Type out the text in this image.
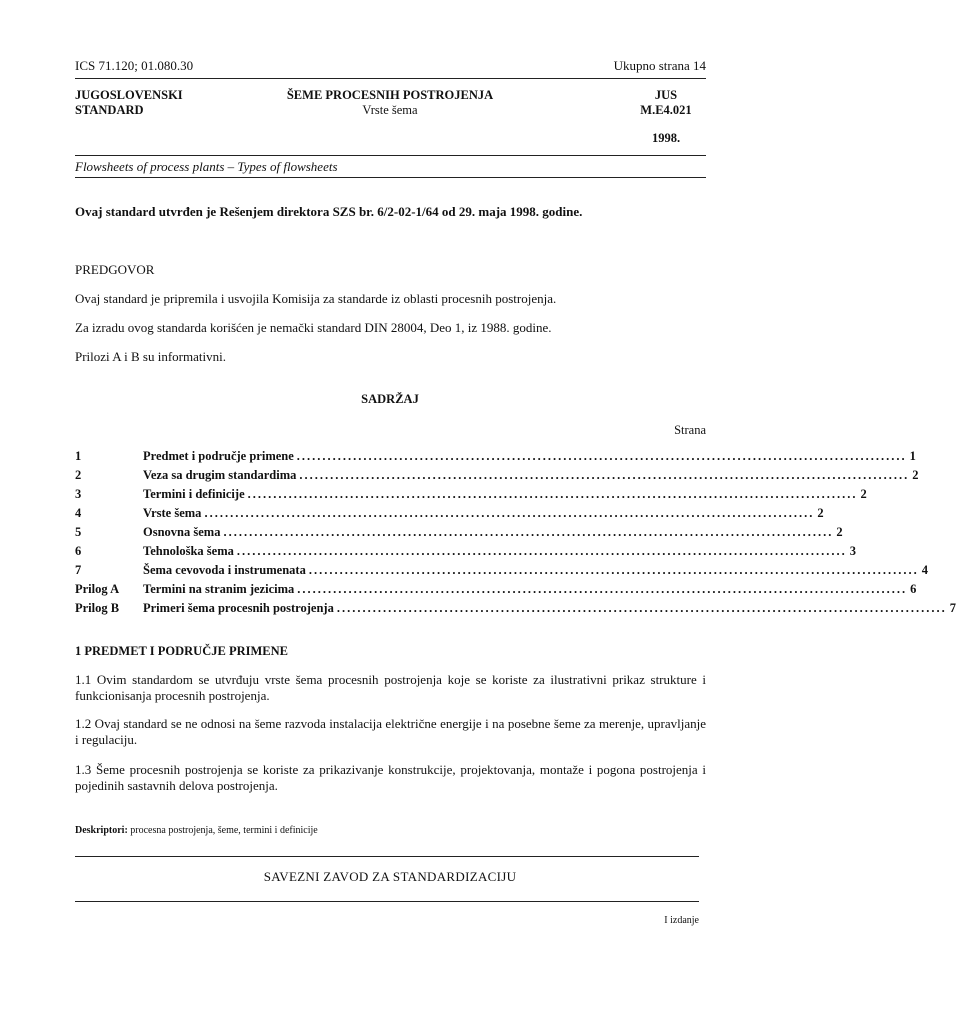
ICS 71.120; 01.080.30	Ukupno strana 14
JUGOSLOVENSKI
STANDARD
ŠEME PROCESNIH POSTROJENJA
Vrste šema
JUS
M.E4.021
1998.
Flowsheets of process plants – Types of flowsheets
Ovaj standard utvrđen je Rešenjem direktora SZS br. 6/2-02-1/64 od 29. maja 1998. godine.
PREDGOVOR
Ovaj standard je pripremila i usvojila Komisija za standarde iz oblasti procesnih postrojenja.
Za izradu ovog standarda korišćen je nemački standard DIN 28004, Deo 1, iz 1988. godine.
Prilozi A i B su informativni.
SADRŽAJ
Strana
1	Predmet i područje primene ....................................................................................................................... 1
2	Veza sa drugim standardima ....................................................................................................................... 2
3	Termini i definicije ....................................................................................................................... 2
4	Vrste šema ....................................................................................................................... 2
5	Osnovna šema ....................................................................................................................... 2
6	Tehnološka šema ....................................................................................................................... 3
7	Šema cevovoda i instrumenata ....................................................................................................................... 4
Prilog A Termini na stranim jezicima ....................................................................................................................... 6
Prilog B Primeri šema procesnih postrojenja ....................................................................................................................... 7
1 PREDMET I PODRUČJE PRIMENE
1.1 Ovim standardom se utvrđuju vrste šema procesnih postrojenja koje se koriste za ilustrativni prikaz strukture i funkcionisanja procesnih postrojenja.
1.2 Ovaj standard se ne odnosi na šeme razvoda instalacija električne energije i na posebne šeme za merenje, upravljanje i regulaciju.
1.3 Šeme procesnih postrojenja se koriste za prikazivanje konstrukcije, projektovanja, montaže i pogona postrojenja i pojedinih sastavnih delova postrojenja.
Deskriptori: procesna postrojenja, šeme, termini i definicije
SAVEZNI ZAVOD ZA STANDARDIZACIJU
I izdanje
